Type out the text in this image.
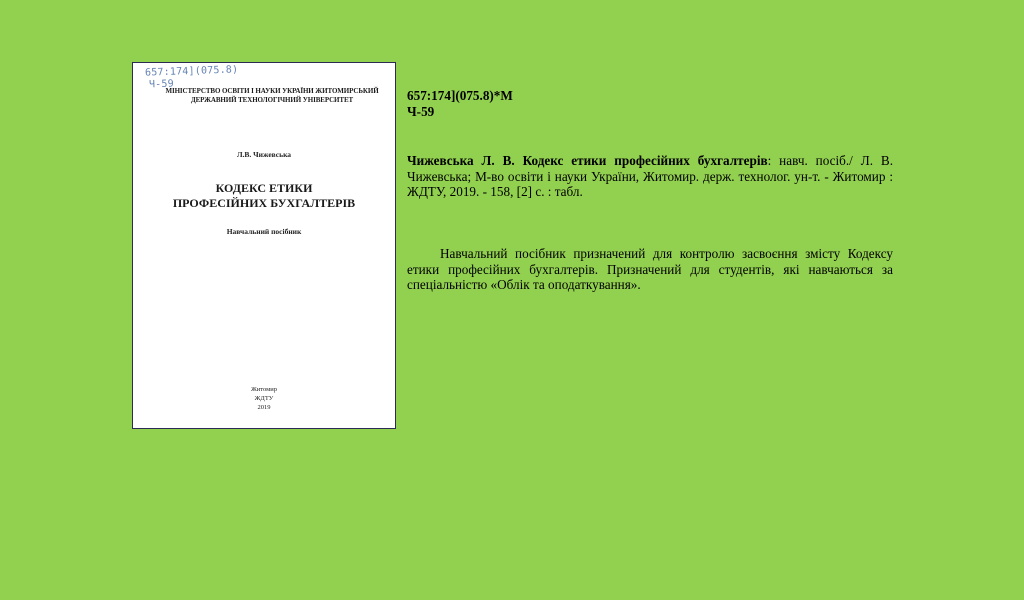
657:174](075.8)
Ч-59
МІНІСТЕРСТВО ОСВІТИ І НАУКИ УКРАЇНИ ЖИТОМИРСЬКИЙ ДЕРЖАВНИЙ ТЕХНОЛОГІЧНИЙ УНІВЕРСИТЕТ
Л.В. Чижевська
КОДЕКС ЕТИКИ
ПРОФЕСІЙНИХ БУХГАЛТЕРІВ
Навчальний посібник
Житомир
ЖДТУ
2019
657:174](075.8)*М
Ч-59
Чижевська Л. В. Кодекс етики професійних бухгалтерів: навч. посіб./ Л. В. Чижевська; М-во освіти і науки України, Житомир. держ. технолог. ун-т. - Житомир : ЖДТУ, 2019. - 158, [2] с. : табл.
Навчальний посібник призначений для контролю засвоєння змісту Кодексу етики професійних бухгалтерів. Призначений для студентів, які навчаються за спеціальністю «Облік та оподаткування».
